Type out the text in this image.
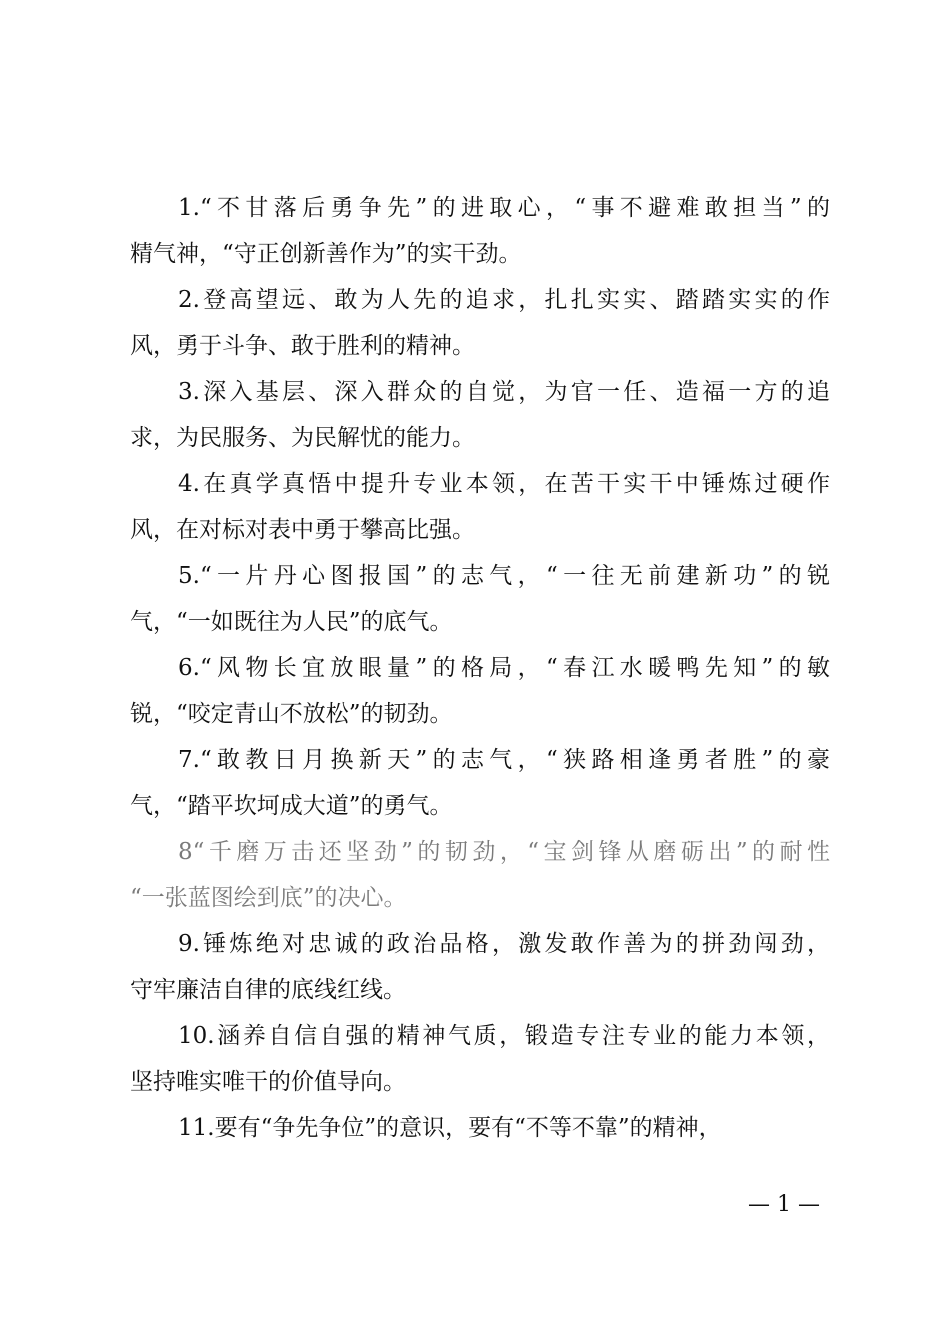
1.“不甘落后勇争先”的进取心，“事不避难敢担当”的
精气神，“守正创新善作为”的实干劲。
2.登高望远、敢为人先的追求，扎扎实实、踏踏实实的作
风，勇于斗争、敢于胜利的精神。
3.深入基层、深入群众的自觉，为官一任、造福一方的追
求，为民服务、为民解忧的能力。
4.在真学真悟中提升专业本领，在苦干实干中锤炼过硬作
风，在对标对表中勇于攀高比强。
5.“一片丹心图报国”的志气，“一往无前建新功”的锐
气，“一如既往为人民”的底气。
6.“风物长宜放眼量”的格局，“春江水暖鸭先知”的敏
锐，“咬定青山不放松”的韧劲。
7.“敢教日月换新天”的志气，“狭路相逢勇者胜”的豪
气，“踏平坎坷成大道”的勇气。
8“千磨万击还坚劲”的韧劲，“宝剑锋从磨砺出”的耐性
“一张蓝图绘到底”的决心。
9.锤炼绝对忠诚的政治品格，激发敢作善为的拼劲闯劲，
守牢廉洁自律的底线红线。
10.涵养自信自强的精神气质，锻造专注专业的能力本领，
坚持唯实唯干的价值导向。
11.要有“争先争位”的意识，要有“不等不靠”的精神，
— 1 —
